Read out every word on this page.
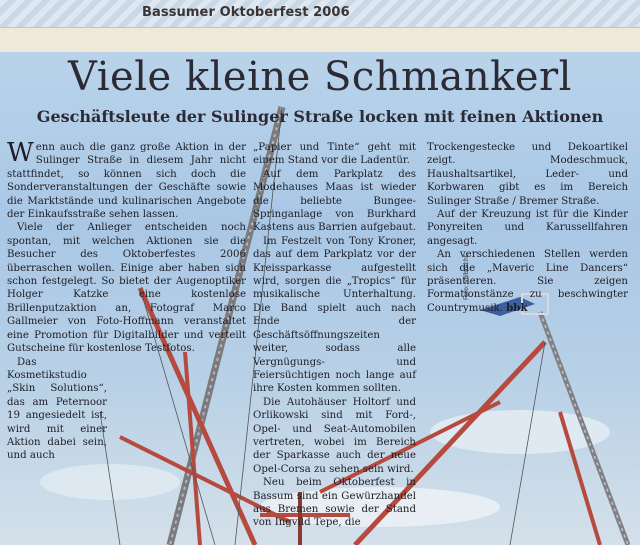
Bassumer Oktoberfest 2006
Viele kleine Schmankerl
Geschäftsleute der Sulinger Straße locken mit feinen Aktionen
Foto: Volbrecht

Wenn auch die ganz große Aktion in der Sulinger Straße in diesem Jahr nicht stattfindet, so können sich doch die Sonderveranstaltungen der Geschäfte sowie die Marktstände und kulinarischen Angebote der Einkaufsstraße sehen lassen.

Viele der Anlieger entscheiden noch spontan, mit welchen Aktionen sie die Besucher des Oktoberfestes 2006 überraschen wollen. Einige aber haben sich schon festgelegt. So bietet der Augenoptiker Holger Katzke eine kostenlose Brillenputzaktion an, Fotograf Marco Gallmeier von Foto-Hoffmann veranstaltet eine Promotion für Digitalbilder und verteilt Gutscheine für kostenlose Testfotos.

Das Kosmetikstudio „Skin Solutions“, das am Peternoor 19 angesiedelt ist, wird mit einer Aktion dabei sein, und auch

„Papier und Tinte“ geht mit einem Stand vor die Ladentür.

Auf dem Parkplatz des Modehauses Maas ist wieder die beliebte Bungee-Springanlage von Burkhard Kastens aus Barrien aufgebaut.

Im Festzelt von Tony Kroner, das auf dem Parkplatz vor der Kreissparkasse aufgestellt wird, sorgen die „Tropics“ für musikalische Unterhaltung. Die Band spielt auch nach Ende der Geschäftsöffnungszeiten weiter, sodass alle Vergnügungs- und Feiersüchtigen noch lange auf ihre Kosten kommen sollten.

Die Autohäuser Holtorf und Orlikowski sind mit Ford-, Opel- und Seat-Automobilen vertreten, wobei im Bereich der Sparkasse auch der neue Opel-Corsa zu sehen sein wird.

Neu beim Oktoberfest in Bassum sind ein Gewürzhandel aus Bremen sowie der Stand von Ingvild Tepe, die

Trockengestecke und Dekoartikel zeigt. Modeschmuck, Haushaltsartikel, Leder- und Korbwaren gibt es im Bereich Sulinger Straße / Bremer Straße.

Auf der Kreuzung ist für die Kinder Ponyreiten und Karussellfahren angesagt.

An verschiedenen Stellen werden sich die „Maveric Line Dancers“ präsentieren. Sie zeigen Formationstänze zu beschwingter Countrymusik. bbk
